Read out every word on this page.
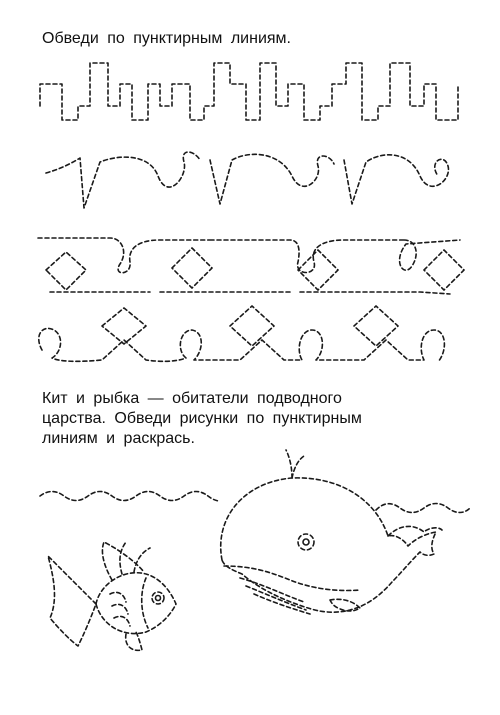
Обведи по пунктирным линиям.

Кит и рыбка — обитатели подводного
царства. Обведи рисунки по пунктирным
линиям и раскрась.
